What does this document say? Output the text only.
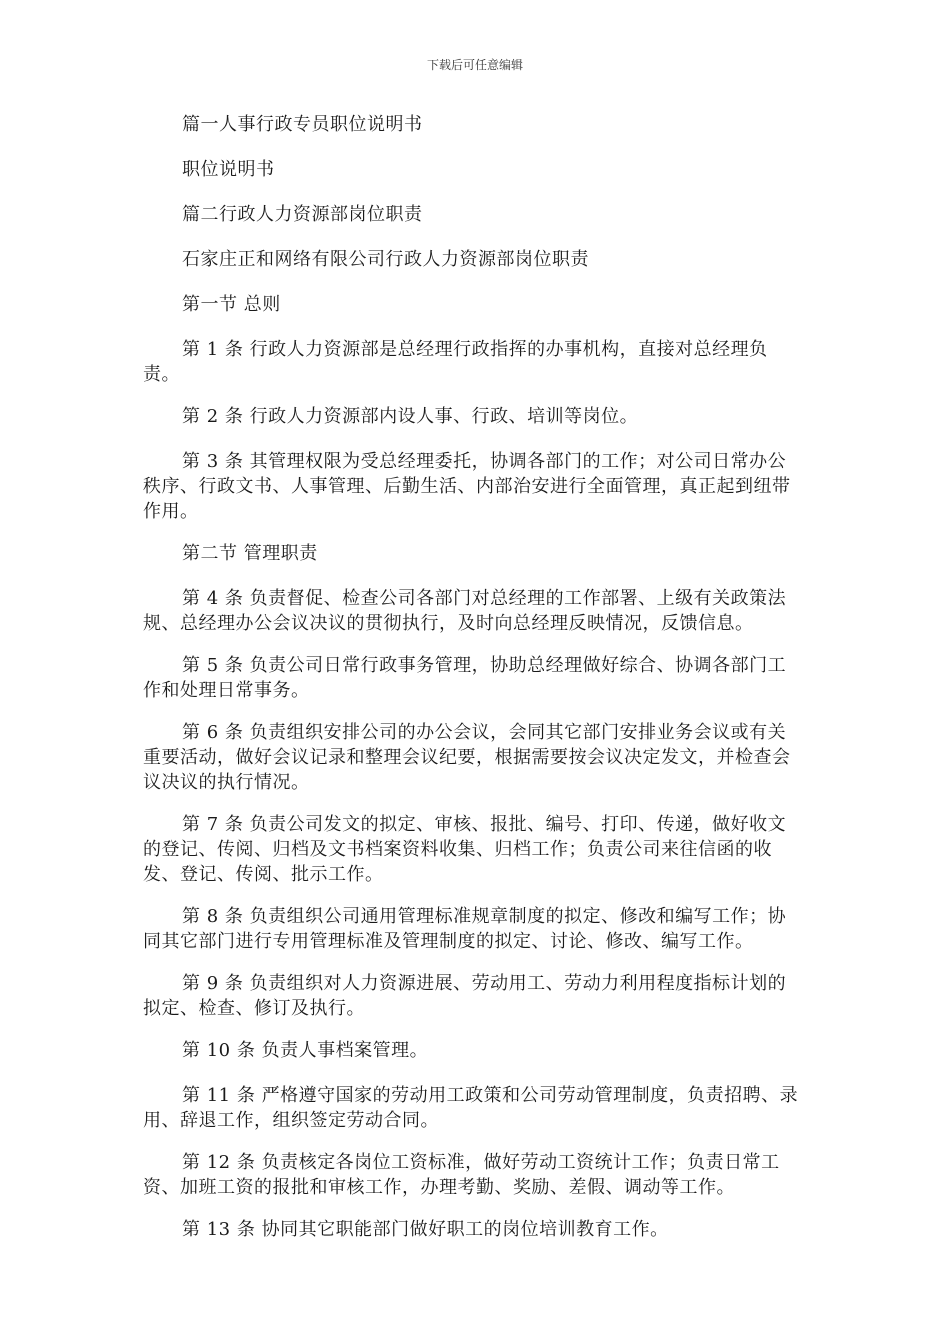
下载后可任意编辑

篇一人事行政专员职位说明书

职位说明书

篇二行政人力资源部岗位职责

石家庄正和网络有限公司行政人力资源部岗位职责

第一节 总则

第 1 条 行政人力资源部是总经理行政指挥的办事机构，直接对总经理负责。

第 2 条 行政人力资源部内设人事、行政、培训等岗位。

第 3 条 其管理权限为受总经理委托，协调各部门的工作；对公司日常办公秩序、行政文书、人事管理、后勤生活、内部治安进行全面管理，真正起到纽带作用。

第二节 管理职责

第 4 条 负责督促、检查公司各部门对总经理的工作部署、上级有关政策法规、总经理办公会议决议的贯彻执行，及时向总经理反映情况，反馈信息。

第 5 条 负责公司日常行政事务管理，协助总经理做好综合、协调各部门工作和处理日常事务。

第 6 条 负责组织安排公司的办公会议，会同其它部门安排业务会议或有关重要活动，做好会议记录和整理会议纪要，根据需要按会议决定发文，并检查会议决议的执行情况。

第 7 条 负责公司发文的拟定、审核、报批、编号、打印、传递，做好收文的登记、传阅、归档及文书档案资料收集、归档工作；负责公司来往信函的收发、登记、传阅、批示工作。

第 8 条 负责组织公司通用管理标准规章制度的拟定、修改和编写工作；协同其它部门进行专用管理标准及管理制度的拟定、讨论、修改、编写工作。

第 9 条 负责组织对人力资源进展、劳动用工、劳动力利用程度指标计划的拟定、检查、修订及执行。

第 10 条 负责人事档案管理。

第 11 条 严格遵守国家的劳动用工政策和公司劳动管理制度，负责招聘、录用、辞退工作，组织签定劳动合同。

第 12 条 负责核定各岗位工资标准，做好劳动工资统计工作；负责日常工资、加班工资的报批和审核工作，办理考勤、奖励、差假、调动等工作。

第 13 条 协同其它职能部门做好职工的岗位培训教育工作。
